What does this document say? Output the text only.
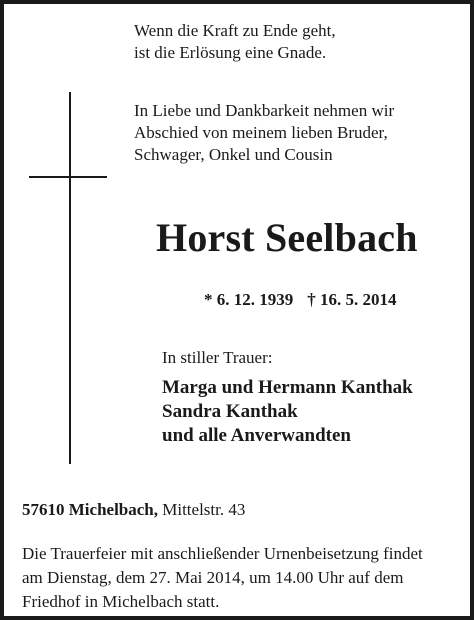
Wenn die Kraft zu Ende geht,
ist die Erlösung eine Gnade.
In Liebe und Dankbarkeit nehmen wir
Abschied von meinem lieben Bruder,
Schwager, Onkel und Cousin
Horst Seelbach
* 6. 12. 1939 † 16. 5. 2014
In stiller Trauer:
Marga und Hermann Kanthak
Sandra Kanthak
und alle Anverwandten
57610 Michelbach, Mittelstr. 43
Die Trauerfeier mit anschließender Urnenbeisetzung findet
am Dienstag, dem 27. Mai 2014, um 14.00 Uhr auf dem
Friedhof in Michelbach statt.
